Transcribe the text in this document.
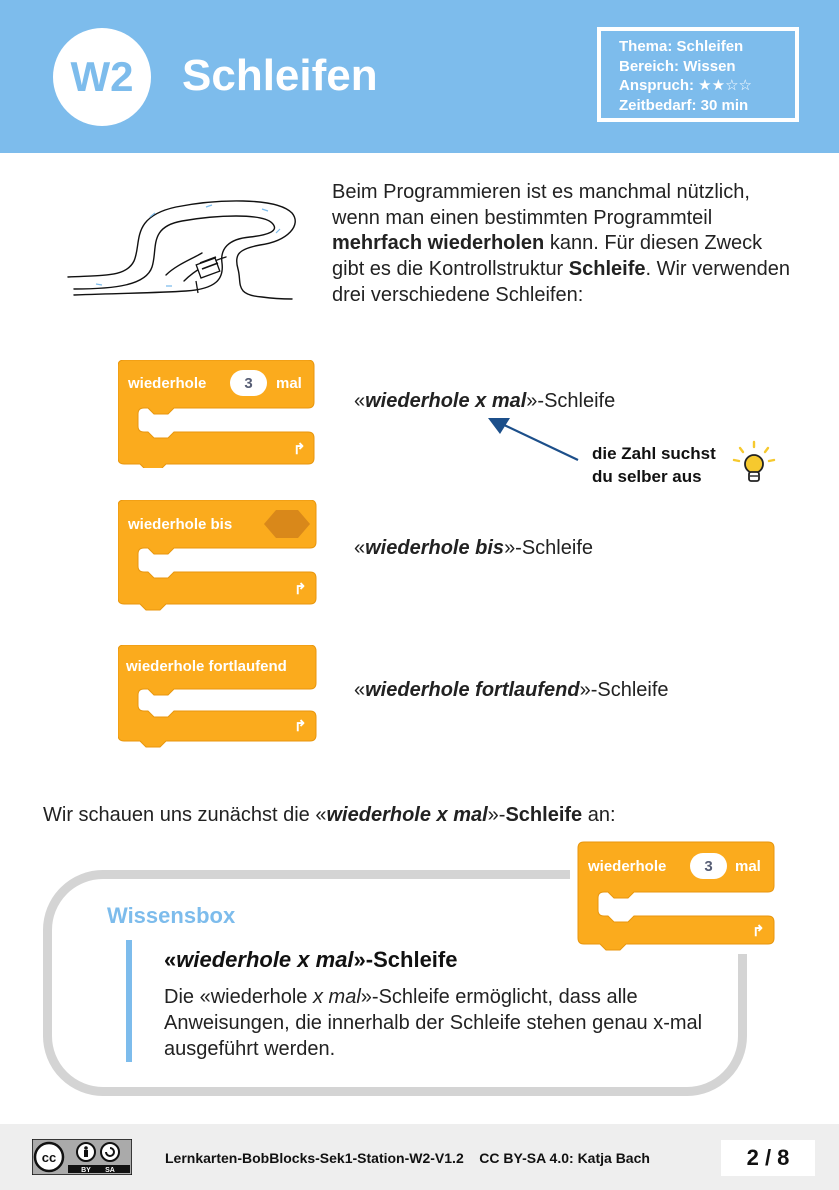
W2	Schleifen
Thema: Schleifen
Bereich: Wissen
Anspruch: ★★☆☆
Zeitbedarf: 30 min
Beim Programmieren ist es manchmal nützlich, wenn man einen bestimmten Programmteil mehrfach wiederholen kann. Für diesen Zweck gibt es die Kontrollstruktur Schleife. Wir verwenden drei verschiedene Schleifen:
wiederhole	3 mal
↱
wiederhole bis
↱
wiederhole fortlaufend
↱
«wiederhole x mal»-Schleife
«wiederhole bis»-Schleife
«wiederhole fortlaufend»-Schleife
die Zahl suchst
du selber aus
Wir schauen uns zunächst die «wiederhole x mal»-Schleife an:
Wissensbox
«wiederhole x mal»-Schleife
Die «wiederhole x mal»-Schleife ermöglicht, dass alle Anweisungen, die innerhalb der Schleife stehen genau x-mal ausgeführt werden.
wiederhole	3 mal
↱
cc
BY SA
Lernkarten-BobBlocks-Sek1-Station-W2-V1.2    CC BY-SA 4.0: Katja Bach	2 / 8
